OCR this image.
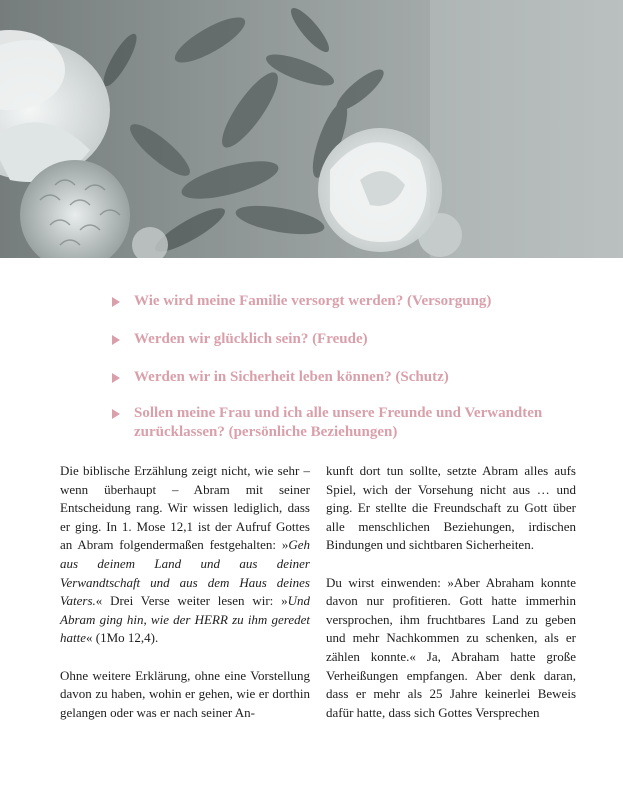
Wie wird meine Familie versorgt werden? (Versorgung)
Werden wir glücklich sein? (Freude)
Werden wir in Sicherheit leben können? (Schutz)
Sollen meine Frau und ich alle unsere Freunde und Verwandten zurücklassen? (persönliche Beziehungen)

Die biblische Erzählung zeigt nicht, wie sehr – wenn überhaupt – Abram mit seiner Entscheidung rang. Wir wissen lediglich, dass er ging. In 1. Mose 12,1 ist der Aufruf Gottes an Abram folgendermaßen festgehalten: »Geh aus deinem Land und aus deiner Verwandtschaft und aus dem Haus deines Vaters.« Drei Verse weiter lesen wir: »Und Abram ging hin, wie der HERR zu ihm geredet hatte« (1Mo 12,4).

Ohne weitere Erklärung, ohne eine Vorstellung davon zu haben, wohin er gehen, wie er dorthin gelangen oder was er nach seiner An-

kunft dort tun sollte, setzte Abram alles aufs Spiel, wich der Vorsehung nicht aus … und ging. Er stellte die Freundschaft zu Gott über alle menschlichen Beziehungen, irdischen Bindungen und sichtbaren Sicherheiten.

Du wirst einwenden: »Aber Abraham konnte davon nur profitieren. Gott hatte immerhin versprochen, ihm fruchtbares Land zu geben und mehr Nachkommen zu schenken, als er zählen konnte.« Ja, Abraham hatte große Verheißungen empfangen. Aber denk daran, dass er mehr als 25 Jahre keinerlei Beweis dafür hatte, dass sich Gottes Versprechen
